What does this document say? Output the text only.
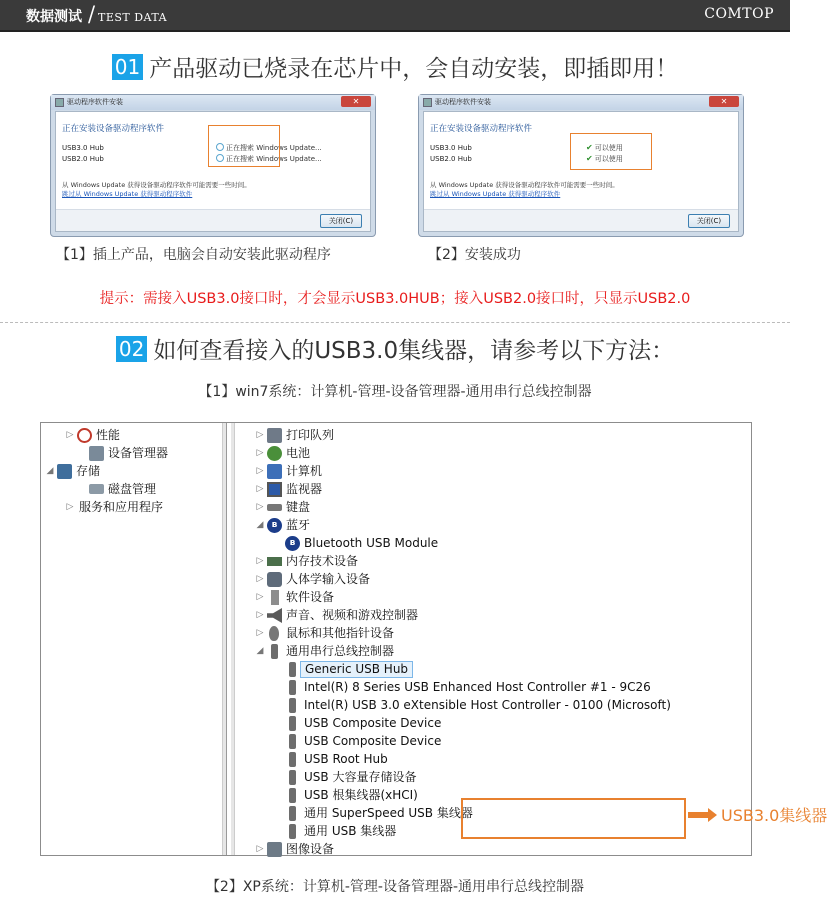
数据测试 / TEST DATA	COMTOP
01 产品驱动已烧录在芯片中，会自动安装，即插即用！
驱动程序软件安装	✕
正在安装设备驱动程序软件
USB3.0 Hub
USB2.0 Hub
正在搜索 Windows Update...
正在搜索 Windows Update...
从 Windows Update 获得设备驱动程序软件可能需要一些时间。
跳过从 Windows Update 获得驱动程序软件
关闭(C)
驱动程序软件安装	✕
正在安装设备驱动程序软件
USB3.0 Hub
USB2.0 Hub
✔ 可以使用
✔ 可以使用
从 Windows Update 获得设备驱动程序软件可能需要一些时间。
跳过从 Windows Update 获得驱动程序软件
关闭(C)
【1】插上产品，电脑会自动安装此驱动程序	【2】安装成功
提示：需接入USB3.0接口时，才会显示USB3.0HUB；接入USB2.0接口时，只显示USB2.0
02 如何查看接入的USB3.0集线器，请参考以下方法：
【1】win7系统：计算机-管理-设备管理器-通用串行总线控制器
▷ 性能
设备管理器
◢ 存储
磁盘管理
▷ 服务和应用程序
▷ 打印队列
▷ 电池
▷ 计算机
▷ 监视器
▷ 键盘
◢ ʙ 蓝牙
ʙ Bluetooth USB Module
▷ 内存技术设备
▷ 人体学输入设备
▷ 软件设备
▷ 声音、视频和游戏控制器
▷ 鼠标和其他指针设备
◢ 通用串行总线控制器
Generic USB Hub
Intel(R) 8 Series USB Enhanced Host Controller #1 - 9C26
Intel(R) USB 3.0 eXtensible Host Controller - 0100 (Microsoft)
USB Composite Device
USB Composite Device
USB Root Hub
USB 大容量存储设备
USB 根集线器(xHCI)
通用 SuperSpeed USB 集线器
通用 USB 集线器
▷ 图像设备
USB3.0集线器
【2】XP系统：计算机-管理-设备管理器-通用串行总线控制器
